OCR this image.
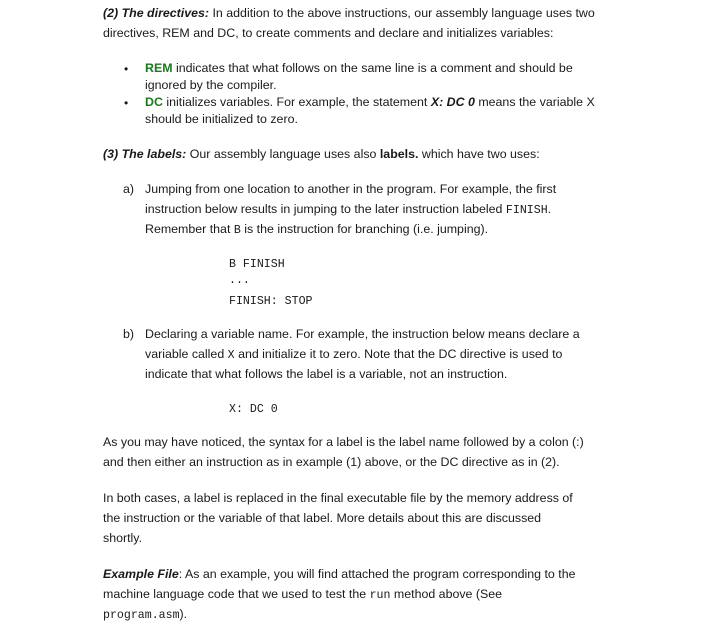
(2) The directives: In addition to the above instructions, our assembly language uses two
directives, REM and DC, to create comments and declare and initializes variables:
• REM indicates that what follows on the same line is a comment and should be
ignored by the compiler.
• DC initializes variables. For example, the statement X: DC 0 means the variable X
should be initialized to zero.
(3) The labels: Our assembly language uses also labels. which have two uses:
a) Jumping from one location to another in the program. For example, the first
instruction below results in jumping to the later instruction labeled FINISH.
Remember that B is the instruction for branching (i.e. jumping).
B FINISH
...
FINISH: STOP
b) Declaring a variable name. For example, the instruction below means declare a
variable called X and initialize it to zero. Note that the DC directive is used to
indicate that what follows the label is a variable, not an instruction.
X: DC 0
As you may have noticed, the syntax for a label is the label name followed by a colon (:)
and then either an instruction as in example (1) above, or the DC directive as in (2).
In both cases, a label is replaced in the final executable file by the memory address of
the instruction or the variable of that label. More details about this are discussed
shortly.
Example File: As an example, you will find attached the program corresponding to the
machine language code that we used to test the run method above (See
program.asm).
